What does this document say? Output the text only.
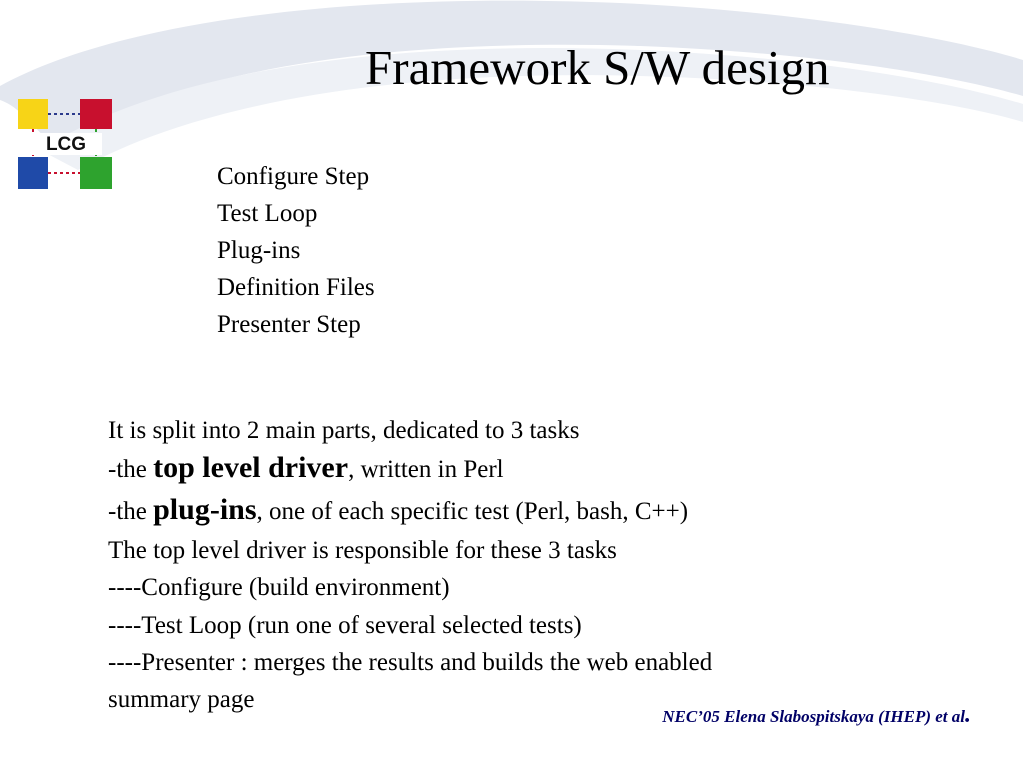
LCG
Framework S/W design
Configure Step
Test Loop
Plug-ins
Definition Files
Presenter Step
It is split into 2 main parts, dedicated to 3 tasks
-the top level driver, written in Perl
-the plug-ins, one of each specific test (Perl, bash, C++)
The top level driver is responsible for these 3 tasks
----Configure (build environment)
----Test Loop (run one of several selected tests)
----Presenter : merges the results and builds the web enabled
summary page
NEC’05 Elena Slabospitskaya (IHEP) et al.
